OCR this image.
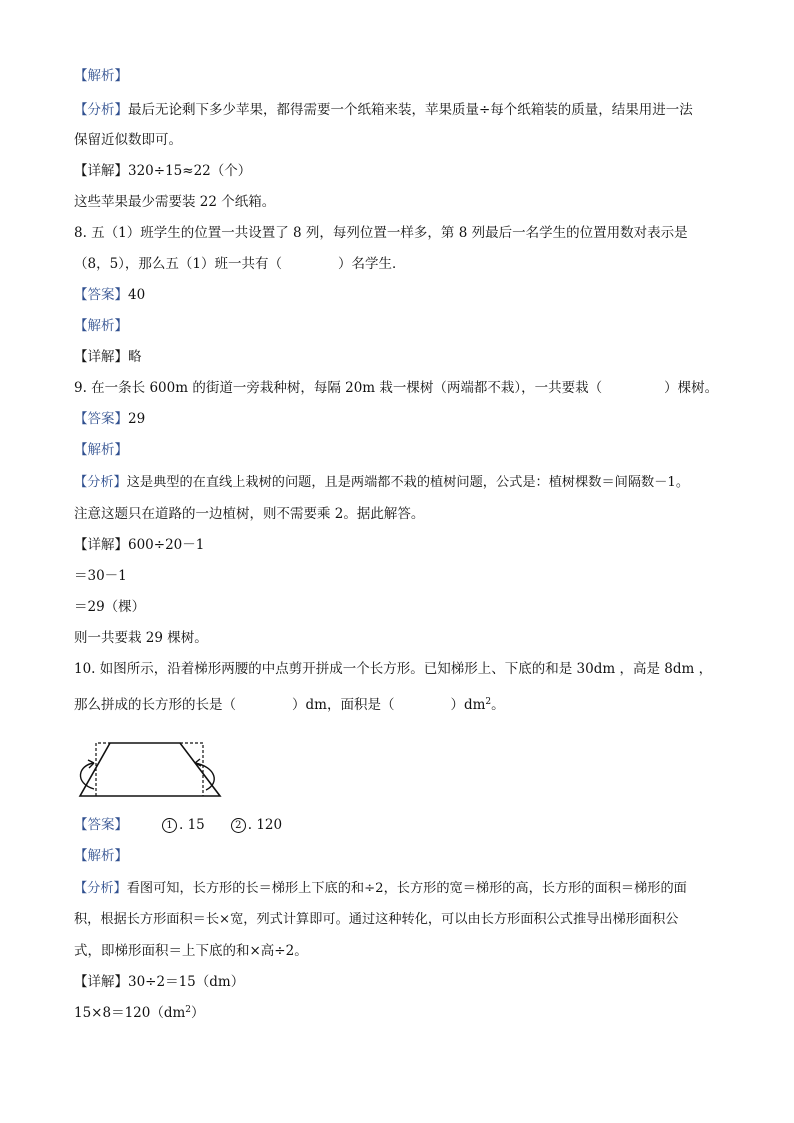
【解析】
【分析】最后无论剩下多少苹果，都得需要一个纸箱来装，苹果质量÷每个纸箱装的质量，结果用进一法
保留近似数即可。
【详解】320÷15≈22（个）
这些苹果最少需要装 22 个纸箱。
8. 五（1）班学生的位置一共设置了 8 列，每列位置一样多，第 8 列最后一名学生的位置用数对表示是
（8，5），那么五（1）班一共有（	）名学生．
【答案】40
【解析】
【详解】略
9. 在一条长 600m 的街道一旁栽种树，每隔 20m 栽一棵树（两端都不栽），一共要栽（	）棵树。
【答案】29
【解析】
【分析】这是典型的在直线上栽树的问题，且是两端都不栽的植树问题，公式是：植树棵数＝间隔数－1。
注意这题只在道路的一边植树，则不需要乘 2。据此解答。
【详解】600÷20－1
＝30－1
＝29（棵）
则一共要栽 29 棵树。
10. 如图所示，沿着梯形两腰的中点剪开拼成一个长方形。已知梯形上、下底的和是 30dm ，高是 8dm ，
那么拼成的长方形的长是（	）dm，面积是（	）$dm^2$。
【答案】	1 . 15	2 . 120
【解析】
【分析】看图可知，长方形的长＝梯形上下底的和÷2，长方形的宽＝梯形的高，长方形的面积＝梯形的面
积，根据长方形面积＝长×宽，列式计算即可。通过这种转化，可以由长方形面积公式推导出梯形面积公
式，即梯形面积＝上下底的和×高÷2。
【详解】30÷2＝15（dm）
$15\times 8=120(dm^2)$
